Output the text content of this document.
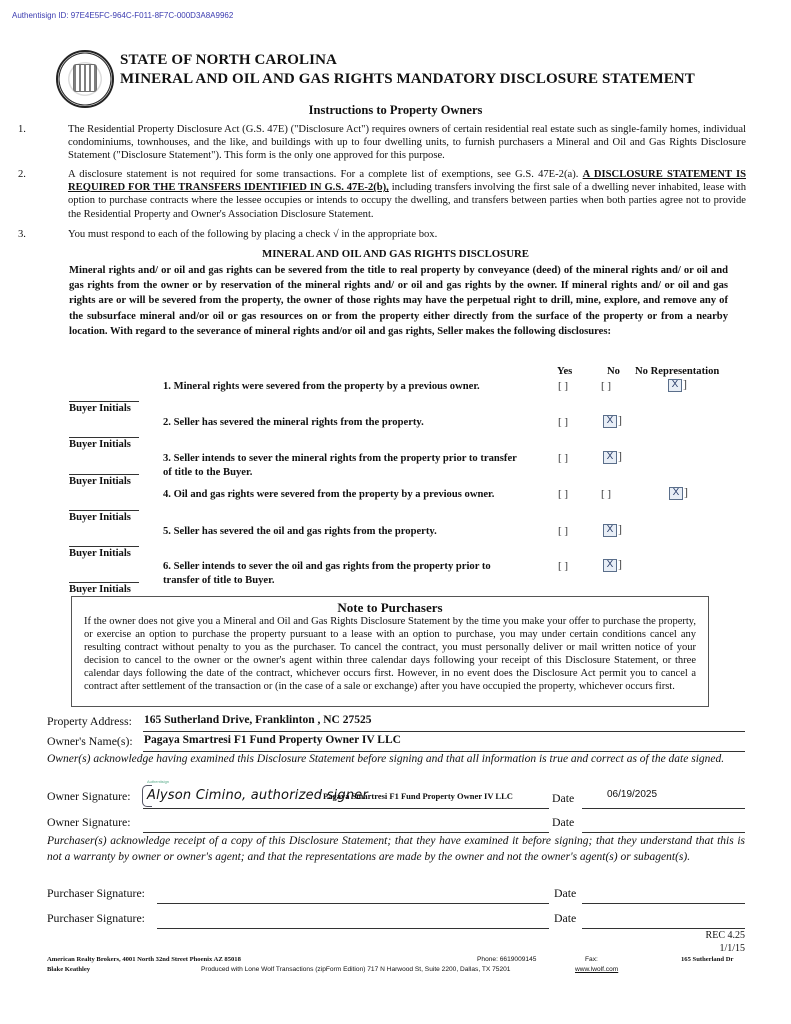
Authentisign ID: 97E4E5FC-964C-F011-8F7C-000D3A8A9962
STATE OF NORTH CAROLINA
MINERAL AND OIL AND GAS RIGHTS MANDATORY DISCLOSURE STATEMENT
Instructions to Property Owners
1.	The Residential Property Disclosure Act (G.S. 47E) ("Disclosure Act") requires owners of certain residential real estate such as single-family homes, individual condominiums, townhouses, and the like, and buildings with up to four dwelling units, to furnish purchasers a Mineral and Oil and Gas Rights Disclosure Statement ("Disclosure Statement"). This form is the only one approved for this purpose.
2.	A disclosure statement is not required for some transactions. For a complete list of exemptions, see G.S. 47E-2(a). A DISCLOSURE STATEMENT IS REQUIRED FOR THE TRANSFERS IDENTIFIED IN G.S. 47E-2(b), including transfers involving the first sale of a dwelling never inhabited, lease with option to purchase contracts where the lessee occupies or intends to occupy the dwelling, and transfers between parties when both parties agree not to provide the Residential Property and Owner's Association Disclosure Statement.
3.	You must respond to each of the following by placing a check √ in the appropriate box.
MINERAL AND OIL AND GAS RIGHTS DISCLOSURE
Mineral rights and/ or oil and gas rights can be severed from the title to real property by conveyance (deed) of the mineral rights and/ or oil and gas rights from the owner or by reservation of the mineral rights and/ or oil and gas rights by the owner. If mineral rights and/ or oil and gas rights are or will be severed from the property, the owner of those rights may have the perpetual right to drill, mine, explore, and remove any of the subsurface mineral and/or oil or gas resources on or from the property either directly from the surface of the property or from a nearby location. With regard to the severance of mineral rights and/or oil and gas rights, Seller makes the following disclosures:
Yes	No No Representation
Buyer Initials
1. Mineral rights were severed from the property by a previous owner.	[ ]	[ ]	X ]
Buyer Initials
2. Seller has severed the mineral rights from the property.	[ ]	X ]
Buyer Initials
3. Seller intends to sever the mineral rights from the property prior to transfer of title to the Buyer.
[ ]	X ]
Buyer Initials
4. Oil and gas rights were severed from the property by a previous owner.	[ ]	[ ]	X ]
Buyer Initials
5. Seller has severed the oil and gas rights from the property.	[ ]	X ]
Buyer Initials
6. Seller intends to sever the oil and gas rights from the property prior to transfer of title to Buyer.
[ ]	X ]
Note to Purchasers
If the owner does not give you a Mineral and Oil and Gas Rights Disclosure Statement by the time you make your offer to purchase the property, or exercise an option to purchase the property pursuant to a lease with an option to purchase, you may under certain conditions cancel any resulting contract without penalty to you as the purchaser. To cancel the contract, you must personally deliver or mail written notice of your decision to cancel to the owner or the owner's agent within three calendar days following your receipt of this Disclosure Statement, or three calendar days following the date of the contract, whichever occurs first. However, in no event does the Disclosure Act permit you to cancel a contract after settlement of the transaction or (in the case of a sale or exchange) after you have occupied the property, whichever occurs first.
Property Address: 165 Sutherland Drive, Franklinton , NC 27525
Owner's Name(s): Pagaya Smartresi F1 Fund Property Owner IV LLC
Owner(s) acknowledge having examined this Disclosure Statement before signing and that all information is true and correct as of the date signed.
Owner Signature:
Authentisign
Alyson Cimino, authorized signer
Pagaya Smartresi F1 Fund Property Owner IV LLC	Date	06/19/2025
Owner Signature:	Date
Purchaser(s) acknowledge receipt of a copy of this Disclosure Statement; that they have examined it before signing; that they understand that this is not a warranty by owner or owner's agent; and that the representations are made by the owner and not the owner's agent(s) or subagent(s).
Purchaser Signature:	Date
Purchaser Signature:	Date
REC 4.25
1/1/15
American Realty Brokers, 4001 North 32nd Street Phoenix AZ 85018	Phone: 6619009145	Fax:	165 Sutherland Dr
Blake Keathley	Produced with Lone Wolf Transactions (zipForm Edition) 717 N Harwood St, Suite 2200, Dallas, TX 75201	www.lwolf.com
